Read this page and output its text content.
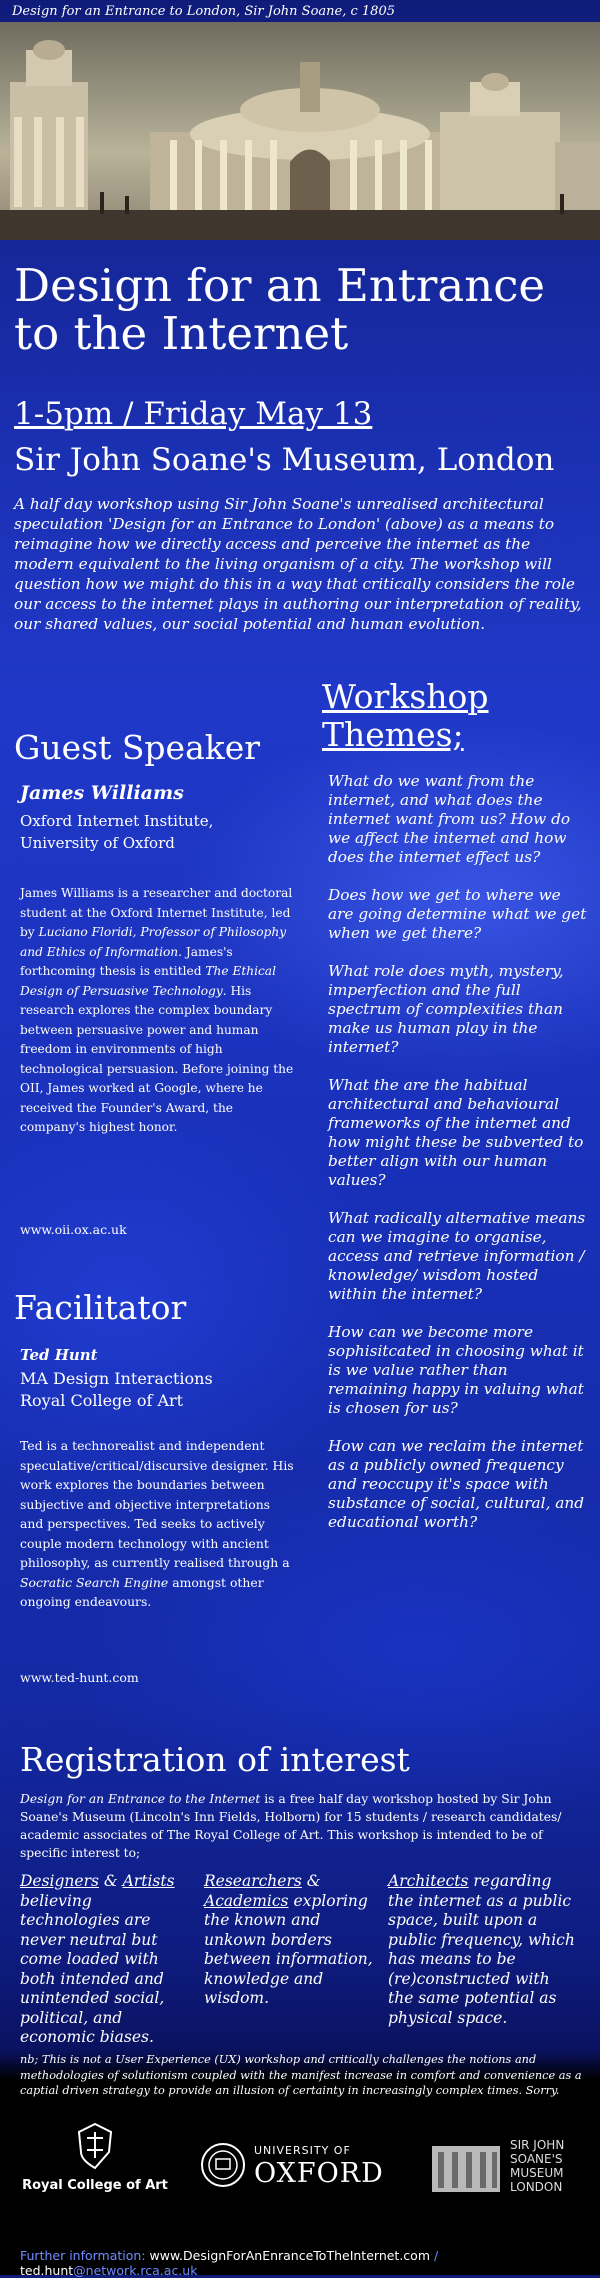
Design for an Entrance to London, Sir John Soane, c 1805
Design for an Entrance
to the Internet
1-5pm / Friday May 13
Sir John Soane's Museum, London
A half day workshop using Sir John Soane's unrealised architectural speculation 'Design for an Entrance to London' (above) as a means to reimagine how we directly access and perceive the internet as the modern equivalent to the living organism of a city. The workshop will question how we might do this in a way that critically considers the role our access to the internet plays in authoring our interpretation of reality, our shared values, our social potential and human evolution.
Guest Speaker
James Williams
Oxford Internet Institute,
University of Oxford
James Williams is a researcher and doctoral student at the Oxford Internet Institute, led by Luciano Floridi, Professor of Philosophy and Ethics of Information. James's forthcoming thesis is entitled The Ethical Design of Persuasive Technology. His research explores the complex boundary between persuasive power and human freedom in environments of high technological persuasion. Before joining the OII, James worked at Google, where he received the Founder's Award, the company's highest honor.
www.oii.ox.ac.uk
Facilitator
Ted Hunt
MA Design Interactions
Royal College of Art
Ted is a technorealist and independent speculative/critical/discursive designer. His work explores the boundaries between subjective and objective interpretations and perspectives. Ted seeks to actively couple modern technology with ancient philosophy, as currently realised through a Socratic Search Engine amongst other ongoing endeavours.
www.ted-hunt.com
Workshop
Themes;

What do we want from the internet, and what does the internet want from us? How do we affect the internet and how does the internet effect us?

Does how we get to where we are going determine what we get when we get there?

What role does myth, mystery, imperfection and the full spectrum of complexities than make us human play in the internet?

What the are the habitual architectural and behavioural frameworks of the internet and how might these be subverted to better align with our human values?

What radically alternative means can we imagine to organise, access and retrieve information / knowledge/ wisdom hosted within the internet?

How can we become more sophisitcated in choosing what it is we value rather than remaining happy in valuing what is chosen for us?

How can we reclaim the internet as a publicly owned frequency and reoccupy it's space with substance of social, cultural, and educational worth?

Registration of interest
Design for an Entrance to the Internet is a free half day workshop hosted by Sir John Soane's Museum (Lincoln's Inn Fields, Holborn) for 15 students / research candidates/ academic associates of The Royal College of Art. This workshop is intended to be of specific interest to;
Designers & Artists believing technologies are never neutral but come loaded with both intended and unintended social, political, and economic biases.
Researchers & Academics exploring the known and unkown borders between information, knowledge and wisdom.
Architects regarding the internet as a public space, built upon a public frequency, which has means to be (re)constructed with the same potential as physical space.
nb; This is not a User Experience (UX) workshop and critically challenges the notions and methodologies of solutionism coupled with the manifest increase in comfort and convenience as a captial driven strategy to provide an illusion of certainty in increasingly complex times. Sorry.
Royal College of Art
UNIVERSITY OF
OXFORD
SIR JOHN
SOANE'S
MUSEUM
LONDON
Further information: www.DesignForAnEnranceToTheInternet.com / ted.hunt@network.rca.ac.uk
